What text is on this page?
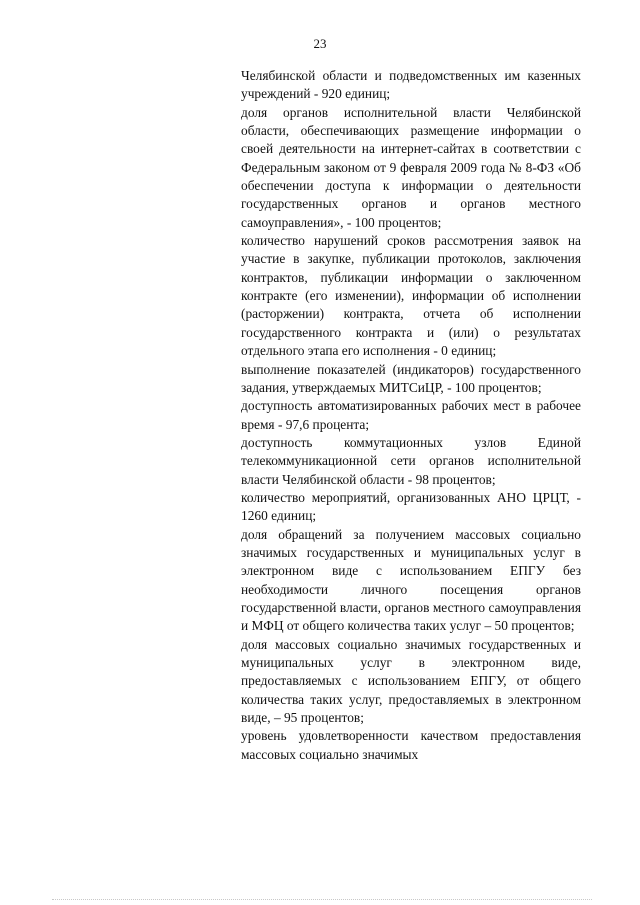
23

Челябинской области и подведомственных им казенных учреждений - 920 единиц;

доля органов исполнительной власти Челябинской области, обеспечивающих размещение информации о своей деятельности на интернет-сайтах в соответствии с Федеральным законом от 9 февраля 2009 года № 8-ФЗ «Об обеспечении доступа к информации о деятельности государственных органов и органов местного самоуправления», - 100 процентов;

количество нарушений сроков рассмотрения заявок на участие в закупке, публикации протоколов, заключения контрактов, публикации информации о заключенном контракте (его изменении), информации об исполнении (расторжении) контракта, отчета об исполнении государственного контракта и (или) о результатах отдельного этапа его исполнения - 0 единиц;

выполнение показателей (индикаторов) государственного задания, утверждаемых МИТСиЦР, - 100 процентов;

доступность автоматизированных рабочих мест в рабочее время - 97,6 процента;

доступность коммутационных узлов Единой телекоммуникационной сети органов исполнительной власти Челябинской области - 98 процентов;

количество мероприятий, организованных АНО ЦРЦТ, - 1260 единиц;

доля обращений за получением массовых социально значимых государственных и муниципальных услуг в электронном виде с использованием ЕПГУ без необходимости личного посещения органов государственной власти, органов местного самоуправления и МФЦ от общего количества таких услуг – 50 процентов;

доля массовых социально значимых государственных и муниципальных услуг в электронном виде, предоставляемых с использованием ЕПГУ, от общего количества таких услуг, предоставляемых в электронном виде, – 95 процентов;

уровень удовлетворенности качеством предоставления массовых социально значимых
